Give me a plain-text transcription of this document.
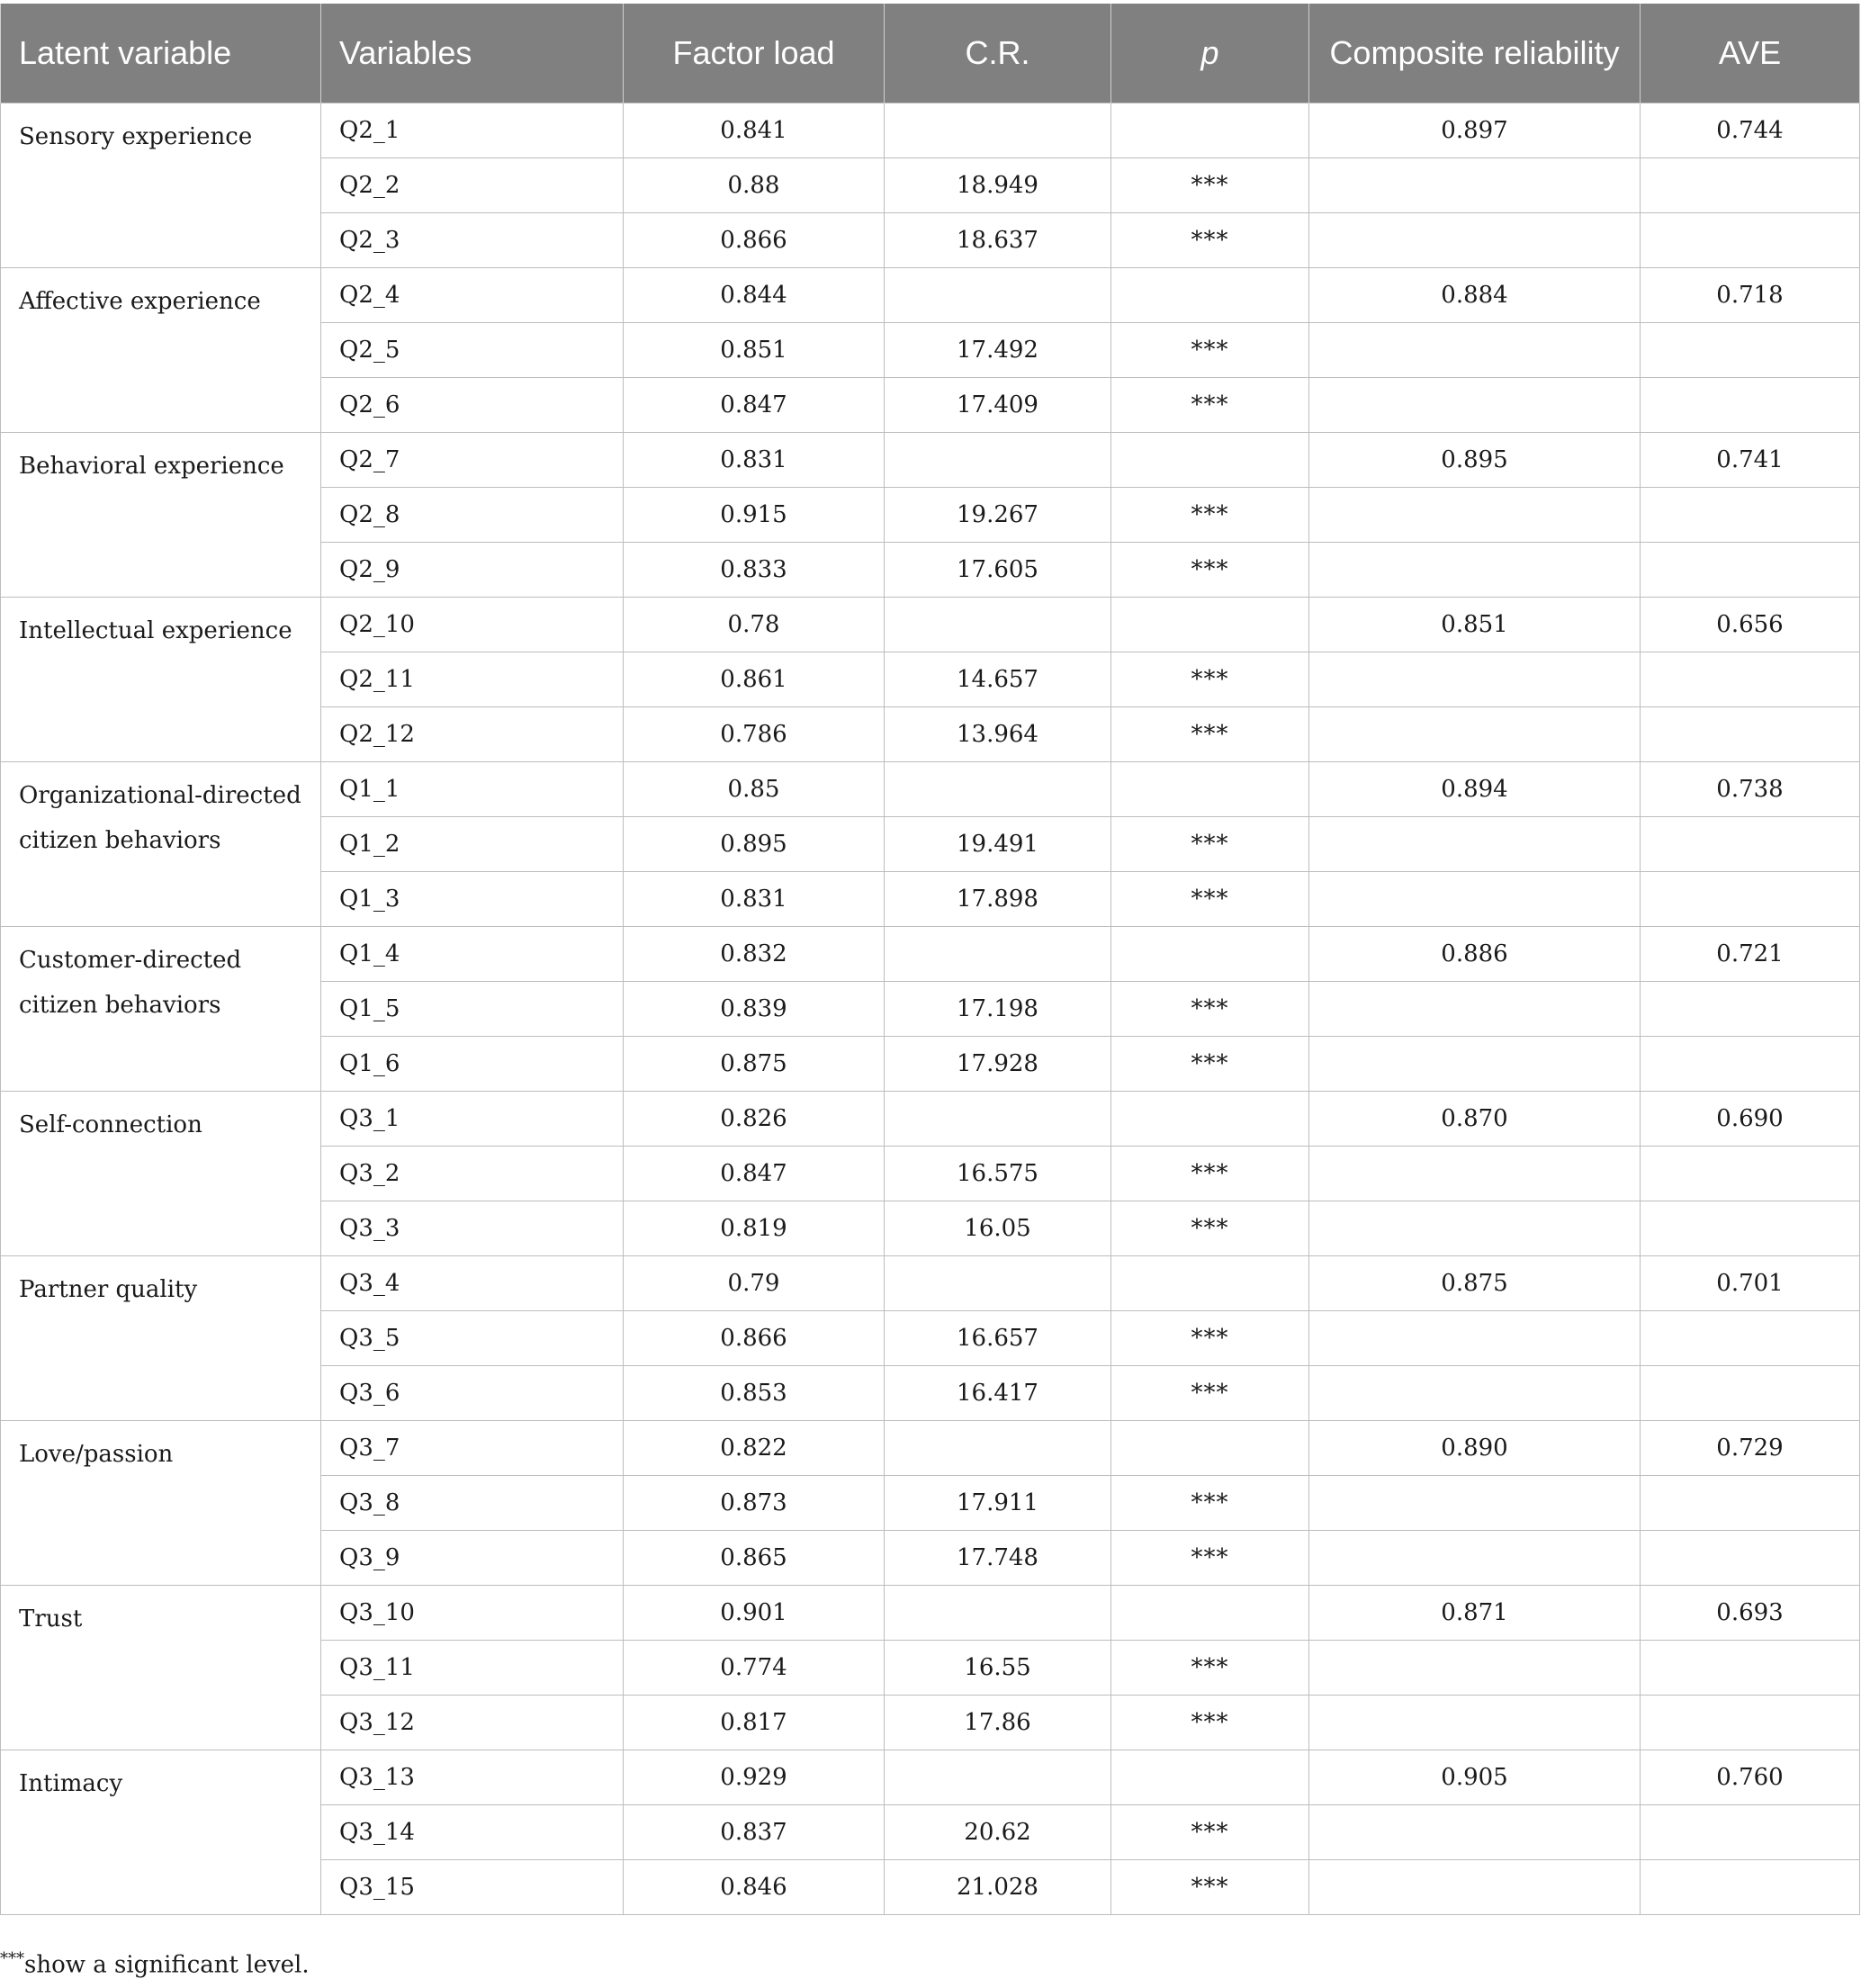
Latent variable	Variables	Factor load	C.R.	p	Composite reliability	AVE
Sensory experience	Q2_1	0.841			0.897	0.744
	Q2_2	0.88	18.949	***		
	Q2_3	0.866	18.637	***		
Affective experience	Q2_4	0.844			0.884	0.718
	Q2_5	0.851	17.492	***		
	Q2_6	0.847	17.409	***		
Behavioral experience	Q2_7	0.831			0.895	0.741
	Q2_8	0.915	19.267	***		
	Q2_9	0.833	17.605	***		
Intellectual experience	Q2_10	0.78			0.851	0.656
	Q2_11	0.861	14.657	***		
	Q2_12	0.786	13.964	***		
Organizational-directed citizen behaviors	Q1_1	0.85			0.894	0.738
	Q1_2	0.895	19.491	***		
	Q1_3	0.831	17.898	***		
Customer-directed citizen behaviors	Q1_4	0.832			0.886	0.721
	Q1_5	0.839	17.198	***		
	Q1_6	0.875	17.928	***		
Self-connection	Q3_1	0.826			0.870	0.690
	Q3_2	0.847	16.575	***		
	Q3_3	0.819	16.05	***		
Partner quality	Q3_4	0.79			0.875	0.701
	Q3_5	0.866	16.657	***		
	Q3_6	0.853	16.417	***		
Love/passion	Q3_7	0.822			0.890	0.729
	Q3_8	0.873	17.911	***		
	Q3_9	0.865	17.748	***		
Trust	Q3_10	0.901			0.871	0.693
	Q3_11	0.774	16.55	***		
	Q3_12	0.817	17.86	***		
Intimacy	Q3_13	0.929			0.905	0.760
	Q3_14	0.837	20.62	***		
	Q3_15	0.846	21.028	***		
***show a significant level.
